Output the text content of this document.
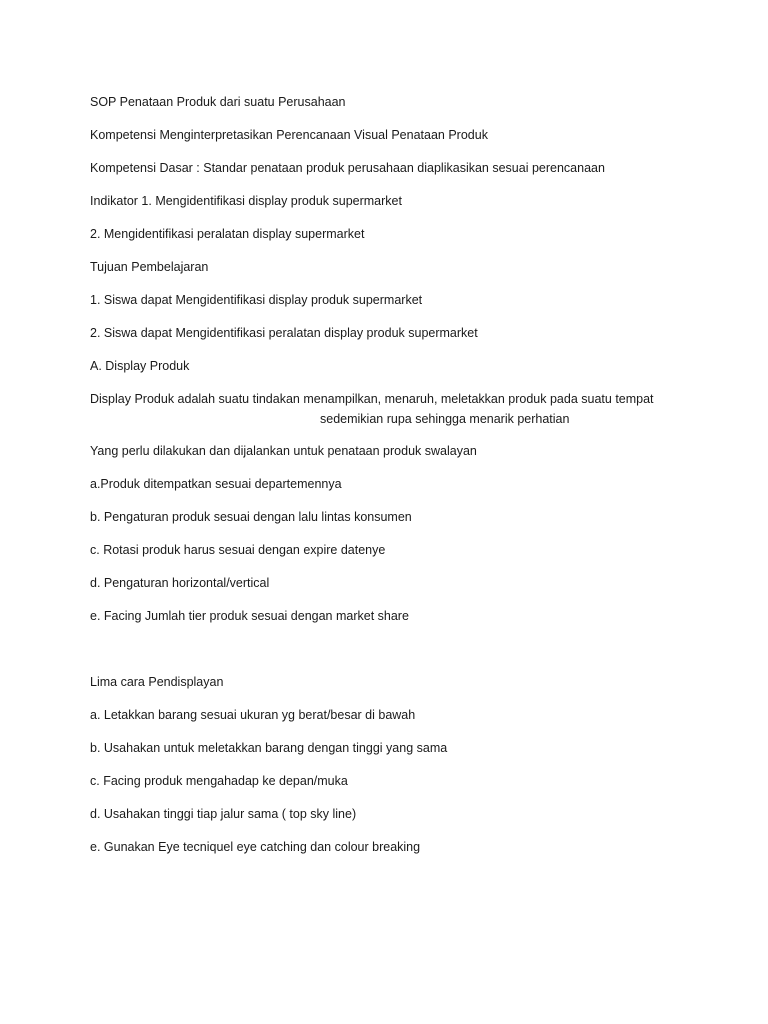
SOP Penataan Produk dari suatu Perusahaan
Kompetensi Menginterpretasikan Perencanaan Visual Penataan Produk
Kompetensi Dasar : Standar penataan produk perusahaan diaplikasikan sesuai perencanaan
Indikator 1. Mengidentifikasi display produk supermarket
2. Mengidentifikasi peralatan display supermarket
Tujuan Pembelajaran
1. Siswa dapat Mengidentifikasi display produk supermarket
2. Siswa dapat Mengidentifikasi peralatan display produk supermarket
A. Display Produk
Display Produk adalah suatu tindakan menampilkan, menaruh, meletakkan produk pada suatu tempat
sedemikian rupa sehingga menarik perhatian
Yang perlu dilakukan dan dijalankan untuk penataan produk swalayan
a.Produk ditempatkan sesuai departemennya
b. Pengaturan produk sesuai dengan lalu lintas konsumen
c. Rotasi produk harus sesuai dengan expire datenye
d. Pengaturan horizontal/vertical
e. Facing Jumlah tier produk sesuai dengan market share
Lima cara Pendisplayan
a. Letakkan barang sesuai ukuran yg berat/besar di bawah
b. Usahakan untuk meletakkan barang dengan tinggi yang sama
c. Facing produk mengahadap ke depan/muka
d. Usahakan tinggi tiap jalur sama ( top sky line)
e. Gunakan Eye tecniquel eye catching dan colour breaking
